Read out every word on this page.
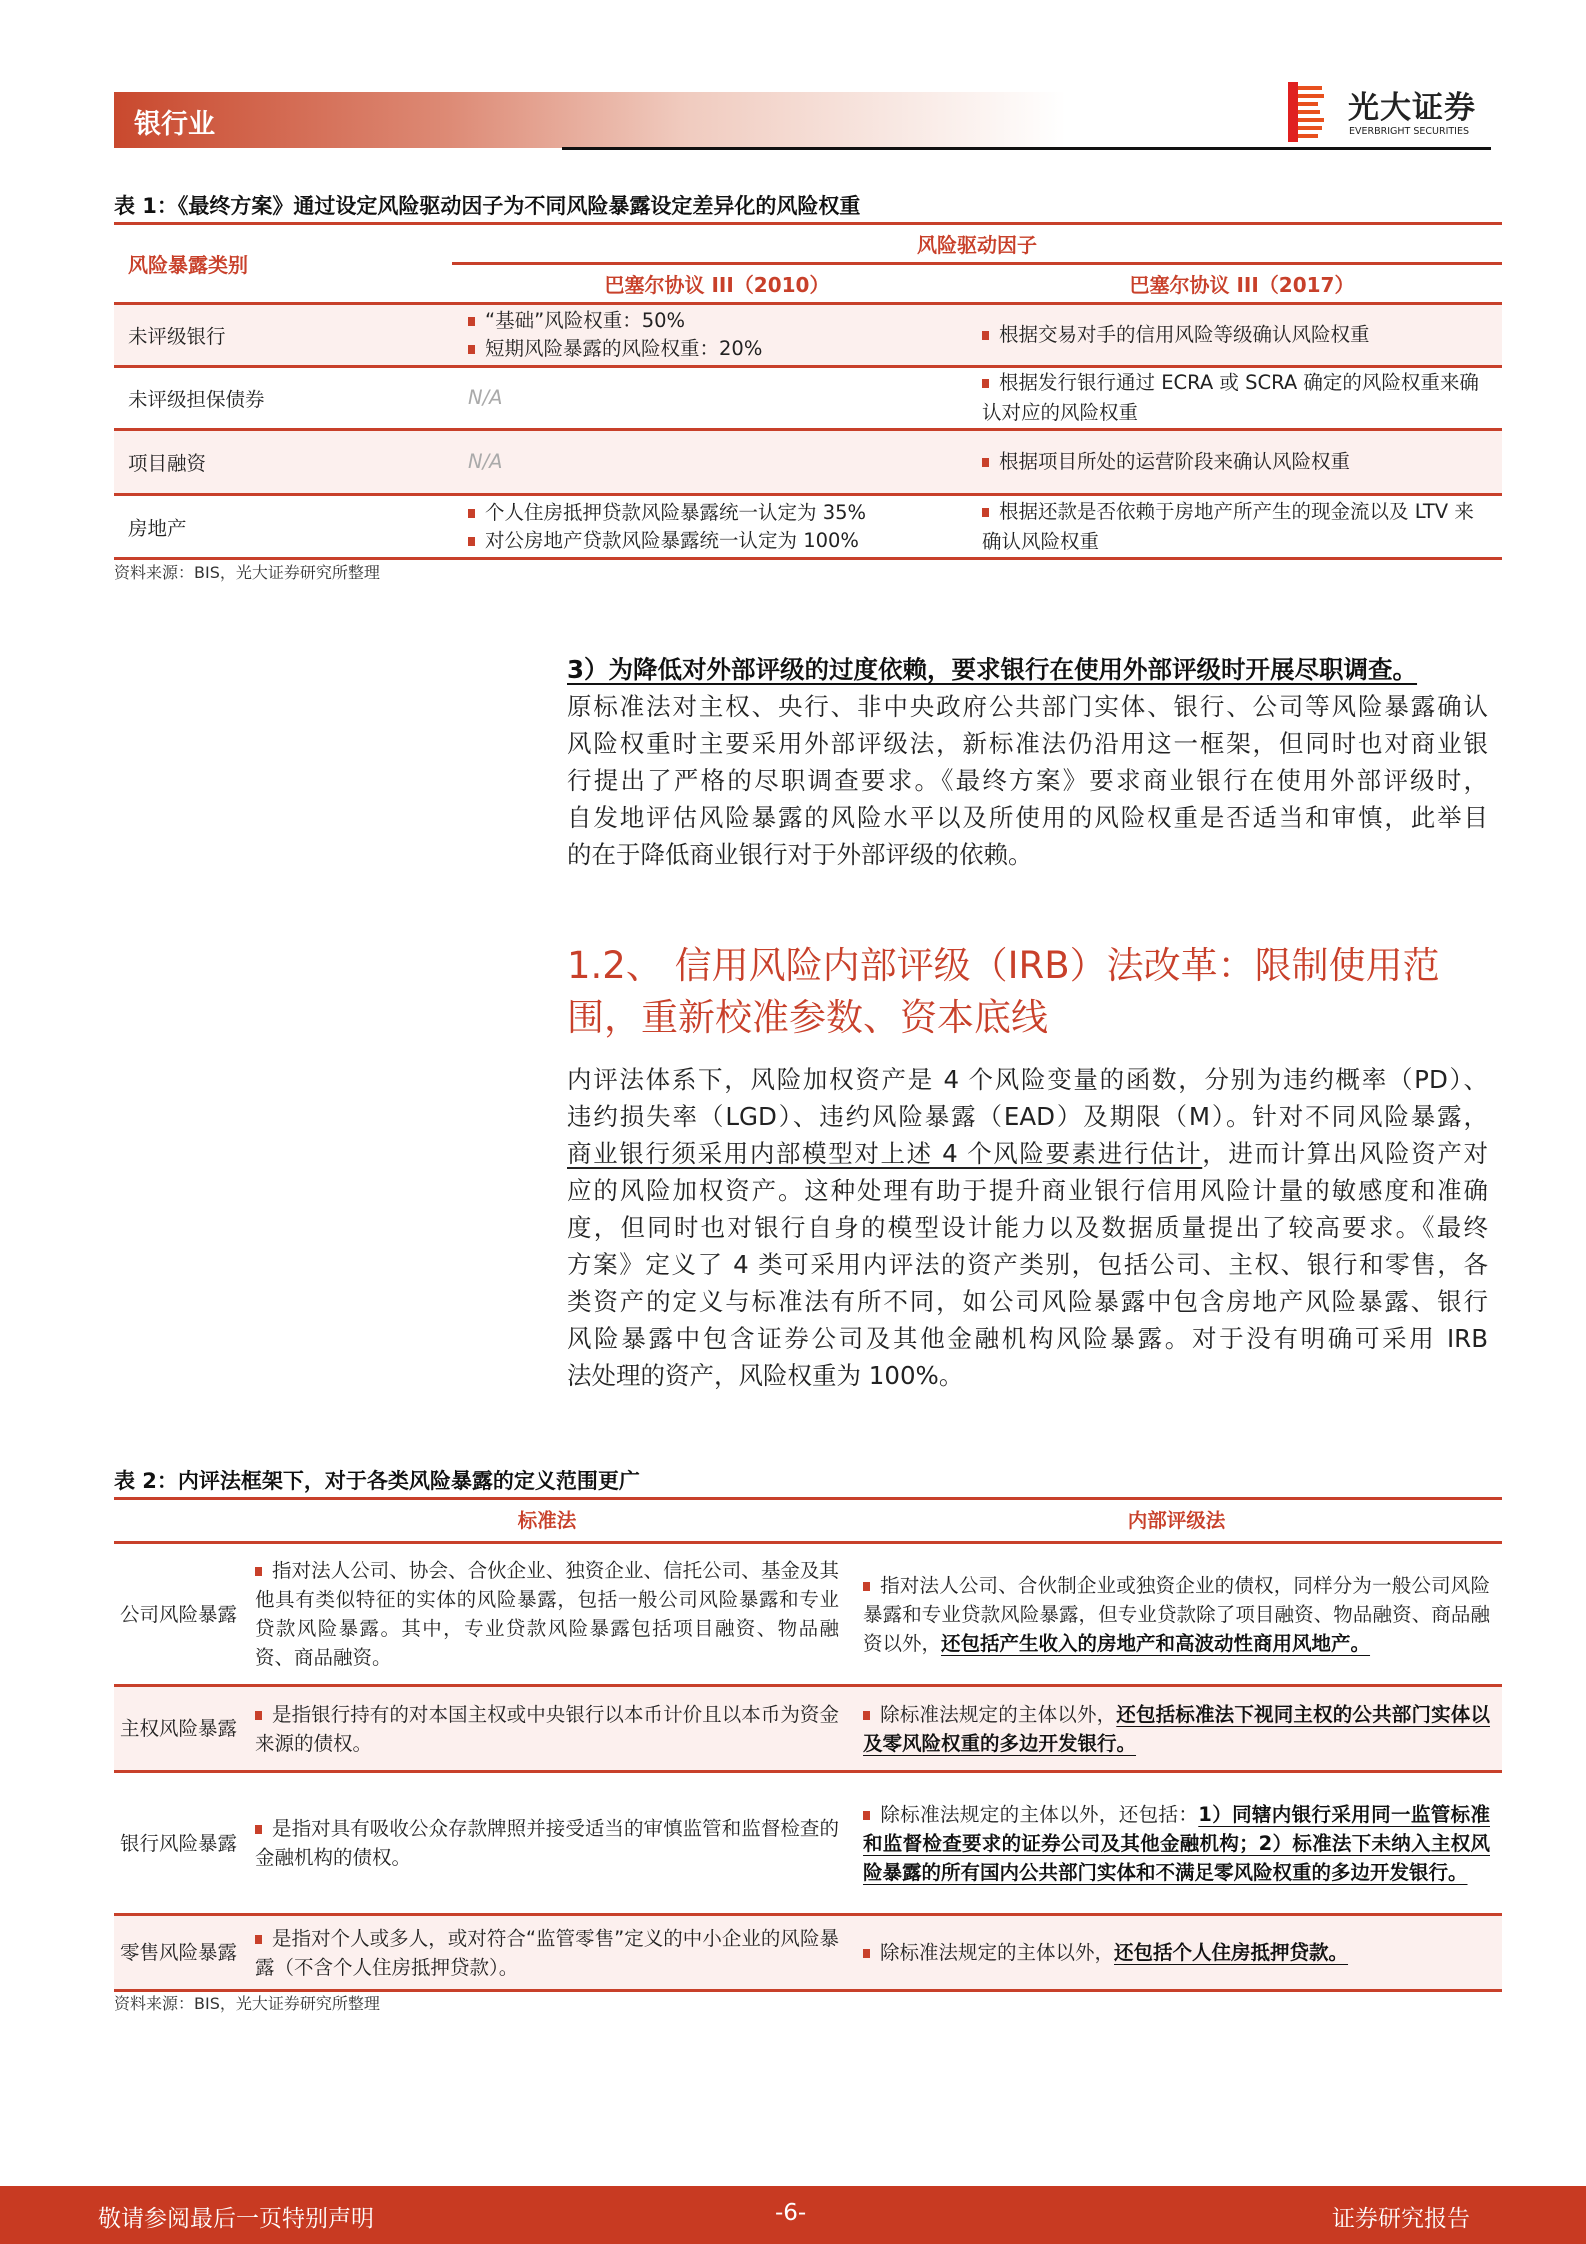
银行业	光大证券
EVERBRIGHT SECURITIES
表 1：《最终方案》通过设定风险驱动因子为不同风险暴露设定差异化的风险权重
风险暴露类别	风险驱动因子
巴塞尔协议 III（2010）	巴塞尔协议 III（2017）
未评级银行	
“基础”风险权重：50%
短期风险暴露的风险权重：20%

根据交易对手的信用风险等级确认风险权重

未评级担保债券	N/A	
根据发行银行通过 ECRA 或 SCRA 确定的风险权重来确认对应的风险权重

项目融资	N/A	根据项目所处的运营阶段来确认风险权重

房地产	
个人住房抵押贷款风险暴露统一认定为 35%
对公房地产贷款风险暴露统一认定为 100%

根据还款是否依赖于房地产所产生的现金流以及 LTV 来确认风险权重
资料来源：BIS，光大证券研究所整理
3）为降低对外部评级的过度依赖，要求银行在使用外部评级时开展尽职调查。
原标准法对主权、央行、非中央政府公共部门实体、银行、公司等风险暴露确认
风险权重时主要采用外部评级法，新标准法仍沿用这一框架，但同时也对商业银
行提出了严格的尽职调查要求。《最终方案》要求商业银行在使用外部评级时，
自发地评估风险暴露的风险水平以及所使用的风险权重是否适当和审慎，此举目
的在于降低商业银行对于外部评级的依赖。
1.2、 信用风险内部评级（IRB）法改革：限制使用范围，重新校准参数、资本底线
内评法体系下，风险加权资产是 4 个风险变量的函数，分别为违约概率（PD）、
违约损失率（LGD）、违约风险暴露（EAD）及期限（M）。针对不同风险暴露，
商业银行须采用内部模型对上述 4 个风险要素进行估计，进而计算出风险资产对
应的风险加权资产。这种处理有助于提升商业银行信用风险计量的敏感度和准确
度，但同时也对银行自身的模型设计能力以及数据质量提出了较高要求。《最终
方案》定义了 4 类可采用内评法的资产类别，包括公司、主权、银行和零售，各
类资产的定义与标准法有所不同，如公司风险暴露中包含房地产风险暴露、银行
风险暴露中包含证券公司及其他金融机构风险暴露。对于没有明确可采用 IRB
法处理的资产，风险权重为 100%。
表 2：内评法框架下，对于各类风险暴露的定义范围更广
	标准法	内部评级法
公司风险暴露	指对法人公司、协会、合伙企业、独资企业、信托公司、基金及其他具有类似特征的实体的风险暴露，包括一般公司风险暴露和专业贷款风险暴露。其中，专业贷款风险暴露包括项目融资、物品融资、商品融资。	指对法人公司、合伙制企业或独资企业的债权，同样分为一般公司风险暴露和专业贷款风险暴露，但专业贷款除了项目融资、物品融资、商品融资以外，还包括产生收入的房地产和高波动性商用风地产。
主权风险暴露	是指银行持有的对本国主权或中央银行以本币计价且以本币为资金来源的债权。	除标准法规定的主体以外，还包括标准法下视同主权的公共部门实体以及零风险权重的多边开发银行。
银行风险暴露	是指对具有吸收公众存款牌照并接受适当的审慎监管和监督检查的金融机构的债权。	除标准法规定的主体以外，还包括：1）同辖内银行采用同一监管标准和监督检查要求的证券公司及其他金融机构；2）标准法下未纳入主权风险暴露的所有国内公共部门实体和不满足零风险权重的多边开发银行。
零售风险暴露	是指对个人或多人，或对符合“监管零售”定义的中小企业的风险暴露（不含个人住房抵押贷款）。	除标准法规定的主体以外，还包括个人住房抵押贷款。
资料来源：BIS，光大证券研究所整理
敬请参阅最后一页特别声明	-6-	证券研究报告
